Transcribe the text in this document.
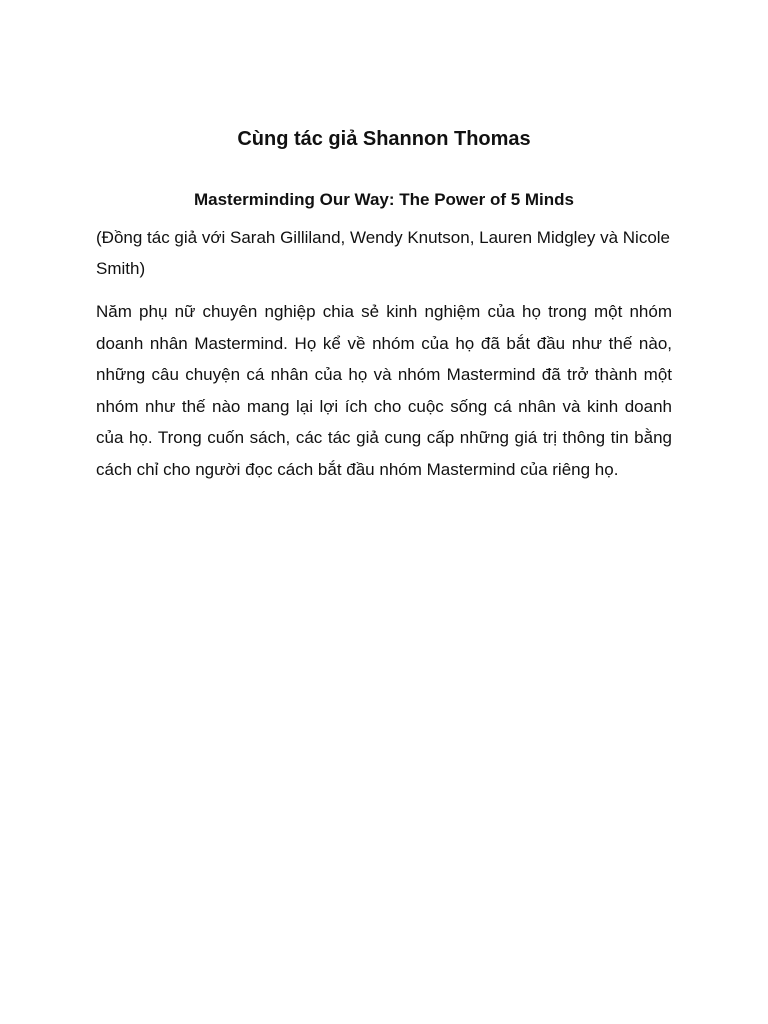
Cùng tác giả Shannon Thomas
Masterminding Our Way: The Power of 5 Minds
(Đồng tác giả với Sarah Gilliland, Wendy Knutson, Lauren Midgley và Nicole Smith)
Năm phụ nữ chuyên nghiệp chia sẻ kinh nghiệm của họ trong một nhóm doanh nhân Mastermind. Họ kể về nhóm của họ đã bắt đầu như thế nào, những câu chuyện cá nhân của họ và nhóm Mastermind đã trở thành một nhóm như thế nào mang lại lợi ích cho cuộc sống cá nhân và kinh doanh của họ. Trong cuốn sách, các tác giả cung cấp những giá trị thông tin bằng cách chỉ cho người đọc cách bắt đầu nhóm Mastermind của riêng họ.
